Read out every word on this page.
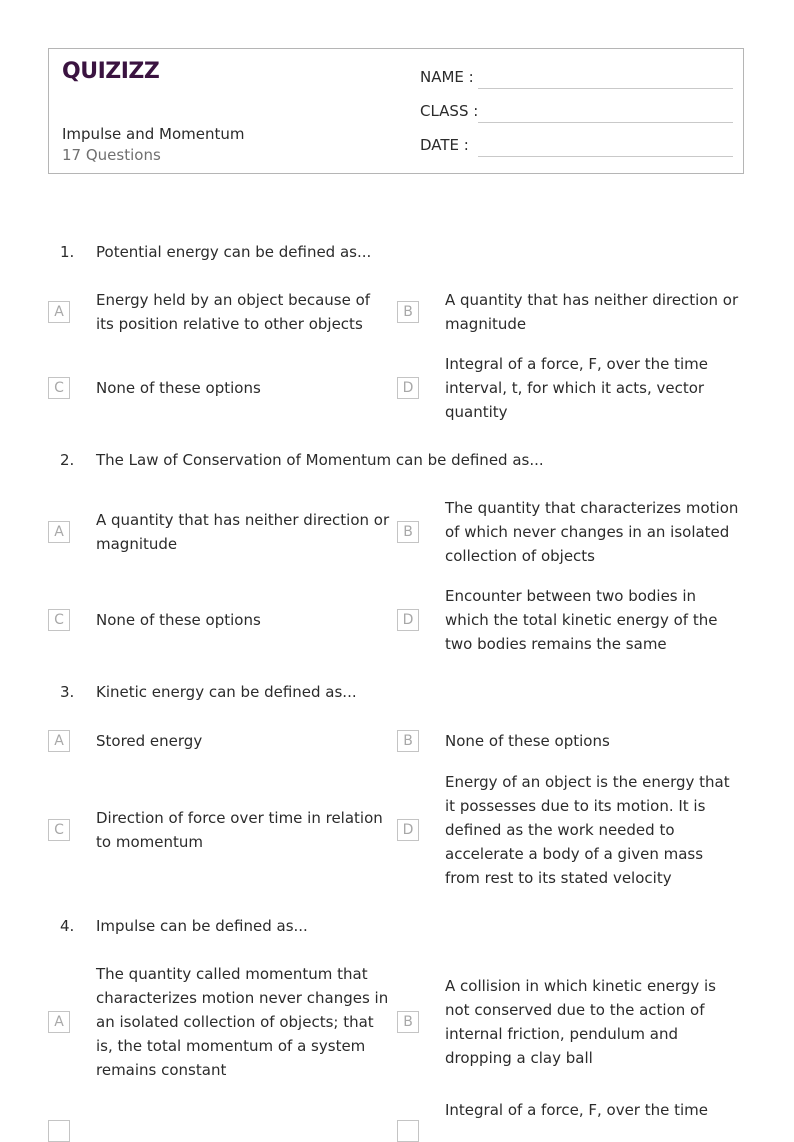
QUIZIZZ
Impulse and Momentum
17 Questions
NAME :
CLASS :
DATE :
1. Potential energy can be defined as...
A
Energy held by an object because of its position relative to other objects
B
A quantity that has neither direction or magnitude
C	None of these options	D
Integral of a force, F, over the time interval, t, for which it acts, vector quantity
2. The Law of Conservation of Momentum can be defined as...
A
A quantity that has neither direction or magnitude
B
The quantity that characterizes motion of which never changes in an isolated collection of objects
C	None of these options	D
Encounter between two bodies in which the total kinetic energy of the two bodies remains the same
3. Kinetic energy can be defined as...
A	Stored energy	B	None of these options
C
Direction of force over time in relation to momentum
D
Energy of an object is the energy that it possesses due to its motion. It is defined as the work needed to accelerate a body of a given mass from rest to its stated velocity
4. Impulse can be defined as...
A
The quantity called momentum that characterizes motion never changes in an isolated collection of objects; that is, the total momentum of a system remains constant
B
A collision in which kinetic energy is not conserved due to the action of internal friction, pendulum and dropping a clay ball
Integral of a force, F, over the time
